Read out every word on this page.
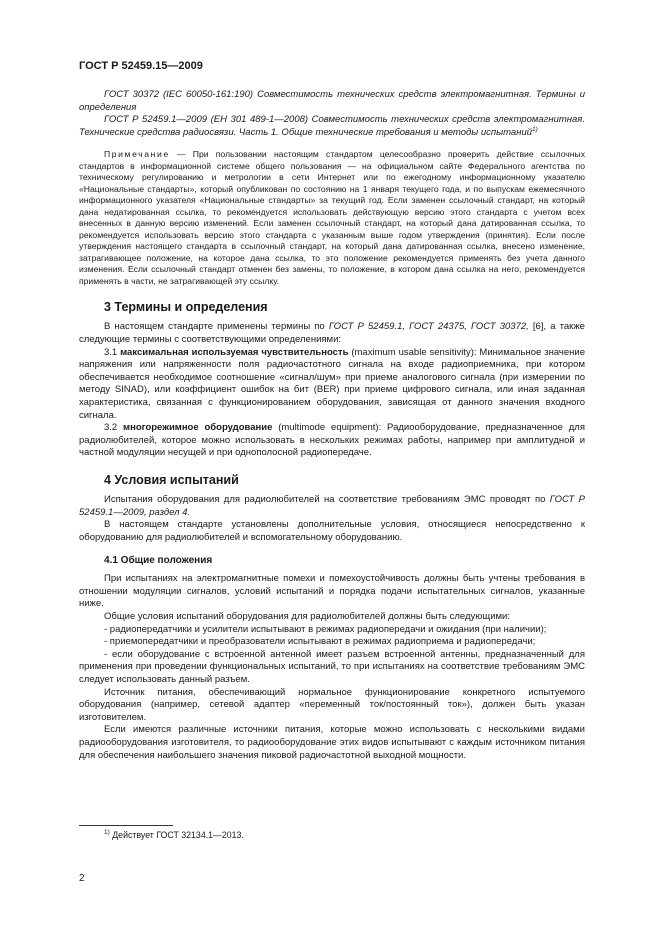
ГОСТ Р 52459.15—2009

ГОСТ 30372 (IEC 60050-161:190) Совместимость технических средств электромагнитная. Термины и определения

ГОСТ Р 52459.1—2009 (ЕН 301 489-1—2008) Совместимость технических средств электромагнитная. Технические средства радиосвязи. Часть 1. Общие технические требования и методы испытаний$^{1)}$

Примечание — При пользовании настоящим стандартом целесообразно проверить действие ссылочных стандартов в информационной системе общего пользования — на официальном сайте Федерального агентства по техническому регулированию и метрологии в сети Интернет или по ежегодному информационному указателю «Национальные стандарты», который опубликован по состоянию на 1 января текущего года, и по выпускам ежемесячного информационного указателя «Национальные стандарты» за текущий год. Если заменен ссылочный стандарт, на который дана недатированная ссылка, то рекомендуется использовать действующую версию этого стандарта с учетом всех внесенных в данную версию изменений. Если заменен ссылочный стандарт, на который дана датированная ссылка, то рекомендуется использовать версию этого стандарта с указанным выше годом утверждения (принятия). Если после утверждения настоящего стандарта в ссылочный стандарт, на который дана датированная ссылка, внесено изменение, затрагивающее положение, на которое дана ссылка, то это положение рекомендуется применять без учета данного изменения. Если ссылочный стандарт отменен без замены, то положение, в котором дана ссылка на него, рекомендуется применять в части, не затрагивающей эту ссылку.

3 Термины и определения

В настоящем стандарте применены термины по ГОСТ Р 52459.1, ГОСТ 24375, ГОСТ 30372, [6], а также следующие термины с соответствующими определениями:

3.1 максимальная используемая чувствительность (maximum usable sensitivity): Минимальное значение напряжения или напряженности поля радиочастотного сигнала на входе радиоприемника, при котором обеспечивается необходимое соотношение «сигнал/шум» при приеме аналогового сигнала (при измерении по методу SINAD), или коэффициент ошибок на бит (BER) при приеме цифрового сигнала, или иная заданная характеристика, связанная с функционированием оборудования, зависящая от данного значения входного сигнала.

3.2 многорежимное оборудование (multimode equipment): Радиооборудование, предназначенное для радиолюбителей, которое можно использовать в нескольких режимах работы, например при амплитудной и частной модуляции несущей и при однополосной радиопередаче.

4 Условия испытаний

Испытания оборудования для радиолюбителей на соответствие требованиям ЭМС проводят по ГОСТ Р 52459.1—2009, раздел 4.

В настоящем стандарте установлены дополнительные условия, относящиеся непосредственно к оборудованию для радиолюбителей и вспомогательному оборудованию.

4.1 Общие положения

При испытаниях на электромагнитные помехи и помехоустойчивость должны быть учтены требования в отношении модуляции сигналов, условий испытаний и порядка подачи испытательных сигналов, указанные ниже.

Общие условия испытаний оборудования для радиолюбителей должны быть следующими:

- радиопередатчики и усилители испытывают в режимах радиопередачи и ожидания (при наличии);

- приемопередатчики и преобразователи испытывают в режимах радиоприема и радиопередачи;

- если оборудование с встроенной антенной имеет разъем встроенной антенны, предназначенный для применения при проведении функциональных испытаний, то при испытаниях на соответствие требованиям ЭМС следует использовать данный разъем.

Источник питания, обеспечивающий нормальное функционирование конкретного испытуемого оборудования (например, сетевой адаптер «переменный ток/постоянный ток»), должен быть указан изготовителем.

Если имеются различные источники питания, которые можно использовать с несколькими видами радиооборудования изготовителя, то радиооборудование этих видов испытывают с каждым источником питания для обеспечения наибольшего значения пиковой радиочастотной выходной мощности.

$^{1)}$ Действует ГОСТ 32134.1—2013.
2
